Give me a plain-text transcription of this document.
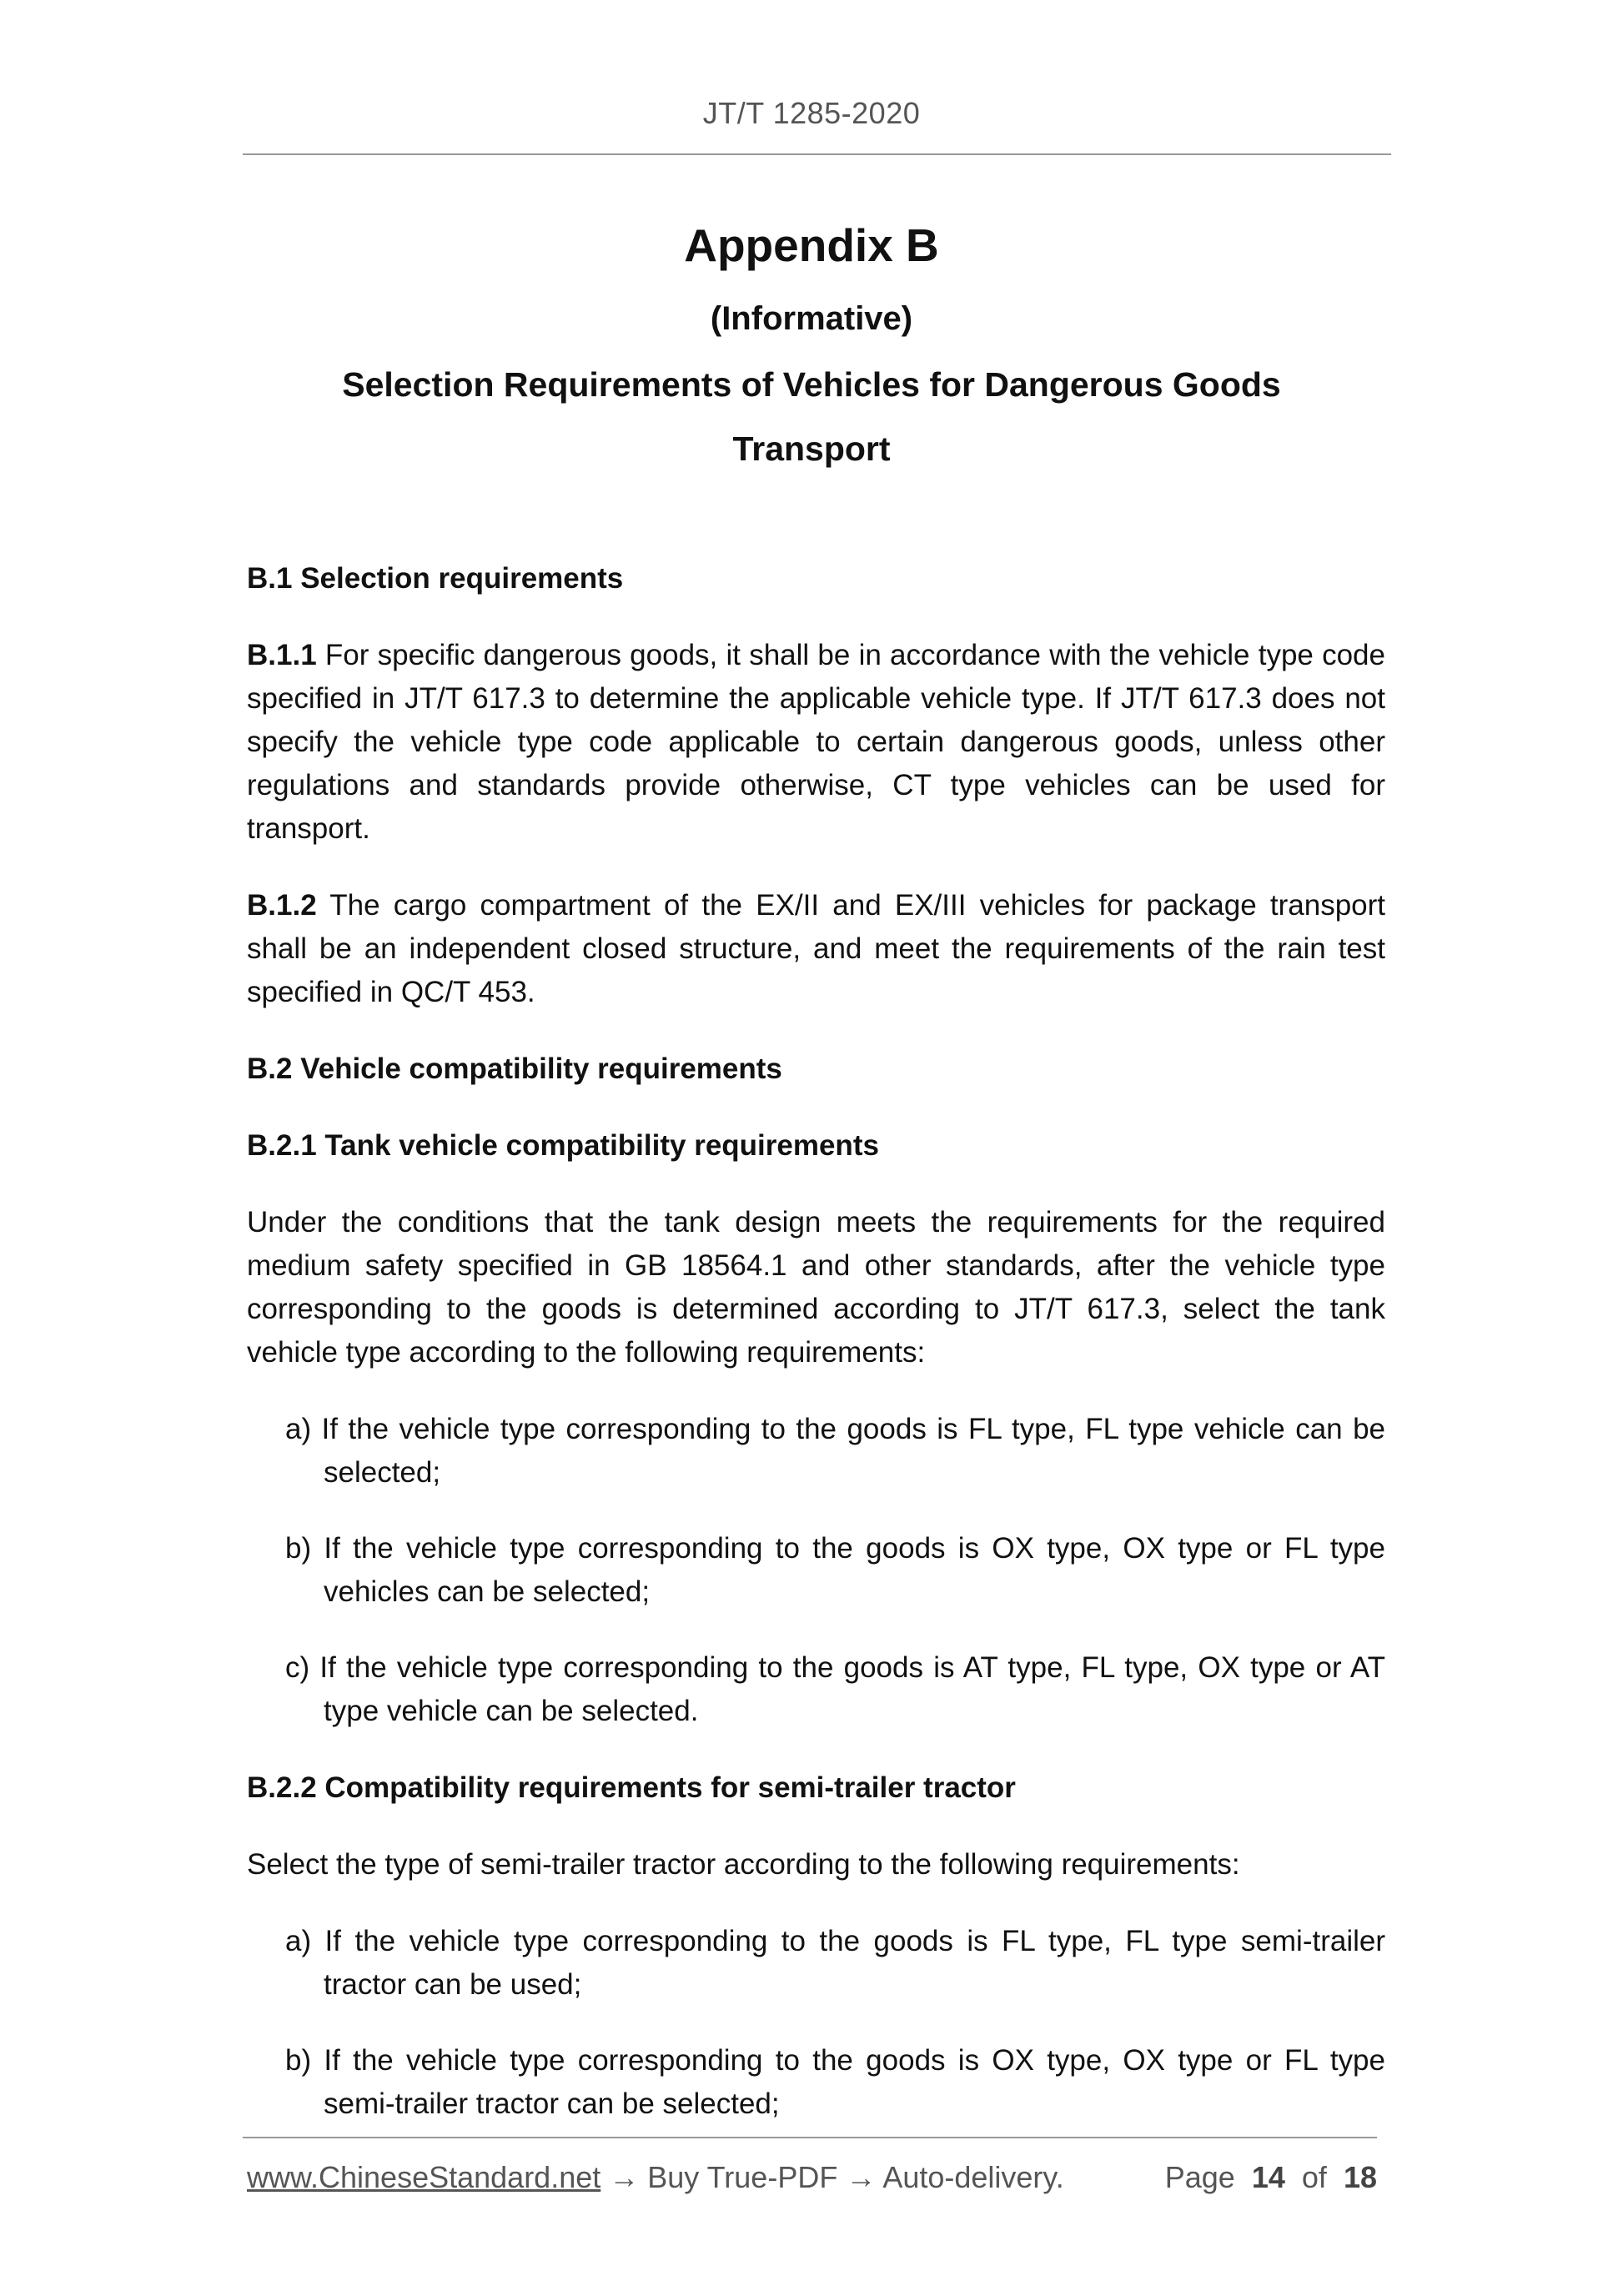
JT/T 1285-2020
Appendix B
(Informative)
Selection Requirements of Vehicles for Dangerous Goods
Transport

B.1 Selection requirements

B.1.1 For specific dangerous goods, it shall be in accordance with the vehicle type code specified in JT/T 617.3 to determine the applicable vehicle type. If JT/T 617.3 does not specify the vehicle type code applicable to certain dangerous goods, unless other regulations and standards provide otherwise, CT type vehicles can be used for transport.

B.1.2 The cargo compartment of the EX/II and EX/III vehicles for package transport shall be an independent closed structure, and meet the requirements of the rain test specified in QC/T 453.

B.2 Vehicle compatibility requirements

B.2.1 Tank vehicle compatibility requirements

Under the conditions that the tank design meets the requirements for the required medium safety specified in GB 18564.1 and other standards, after the vehicle type corresponding to the goods is determined according to JT/T 617.3, select the tank vehicle type according to the following requirements:

a) If the vehicle type corresponding to the goods is FL type, FL type vehicle can be selected;

b) If the vehicle type corresponding to the goods is OX type, OX type or FL type vehicles can be selected;

c) If the vehicle type corresponding to the goods is AT type, FL type, OX type or AT type vehicle can be selected.

B.2.2 Compatibility requirements for semi-trailer tractor

Select the type of semi-trailer tractor according to the following requirements:

a) If the vehicle type corresponding to the goods is FL type, FL type semi-trailer tractor can be used;

b) If the vehicle type corresponding to the goods is OX type, OX type or FL type semi-trailer tractor can be selected;

www.ChineseStandard.net → Buy True-PDF → Auto-delivery.	Page 14 of 18
